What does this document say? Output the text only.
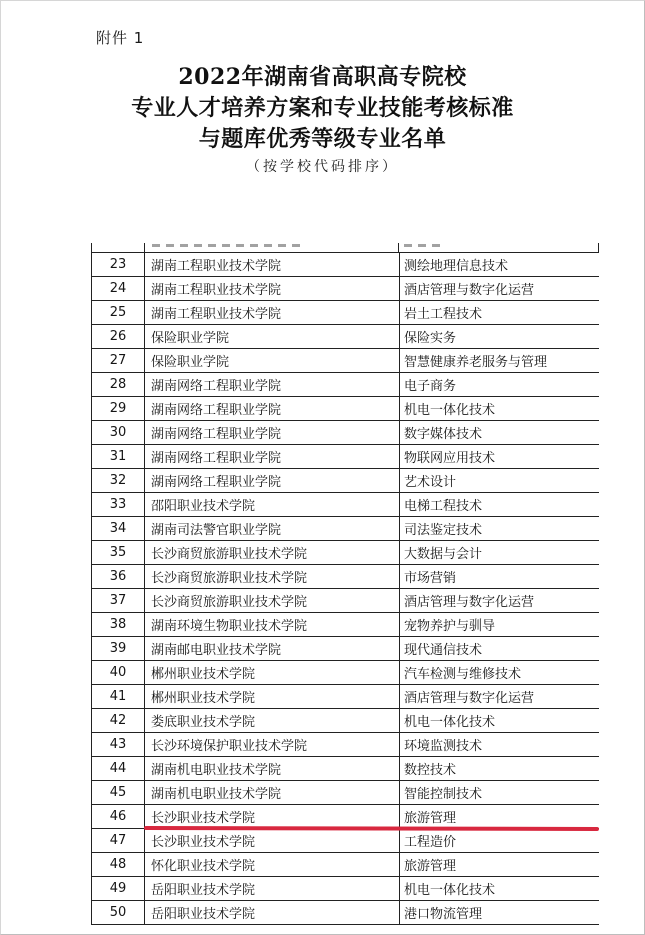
附件 1
2022年湖南省高职高专院校
专业人才培养方案和专业技能考核标准
与题库优秀等级专业名单
（按学校代码排序）
23	湖南工程职业技术学院	测绘地理信息技术
24	湖南工程职业技术学院	酒店管理与数字化运营
25	湖南工程职业技术学院	岩土工程技术
26	保险职业学院	保险实务
27	保险职业学院	智慧健康养老服务与管理
28	湖南网络工程职业学院	电子商务
29	湖南网络工程职业学院	机电一体化技术
30	湖南网络工程职业学院	数字媒体技术
31	湖南网络工程职业学院	物联网应用技术
32	湖南网络工程职业学院	艺术设计
33	邵阳职业技术学院	电梯工程技术
34	湖南司法警官职业学院	司法鉴定技术
35	长沙商贸旅游职业技术学院	大数据与会计
36	长沙商贸旅游职业技术学院	市场营销
37	长沙商贸旅游职业技术学院	酒店管理与数字化运营
38	湖南环境生物职业技术学院	宠物养护与驯导
39	湖南邮电职业技术学院	现代通信技术
40	郴州职业技术学院	汽车检测与维修技术
41	郴州职业技术学院	酒店管理与数字化运营
42	娄底职业技术学院	机电一体化技术
43	长沙环境保护职业技术学院	环境监测技术
44	湖南机电职业技术学院	数控技术
45	湖南机电职业技术学院	智能控制技术
46	长沙职业技术学院	旅游管理
47	长沙职业技术学院	工程造价
48	怀化职业技术学院	旅游管理
49	岳阳职业技术学院	机电一体化技术
50	岳阳职业技术学院	港口物流管理
